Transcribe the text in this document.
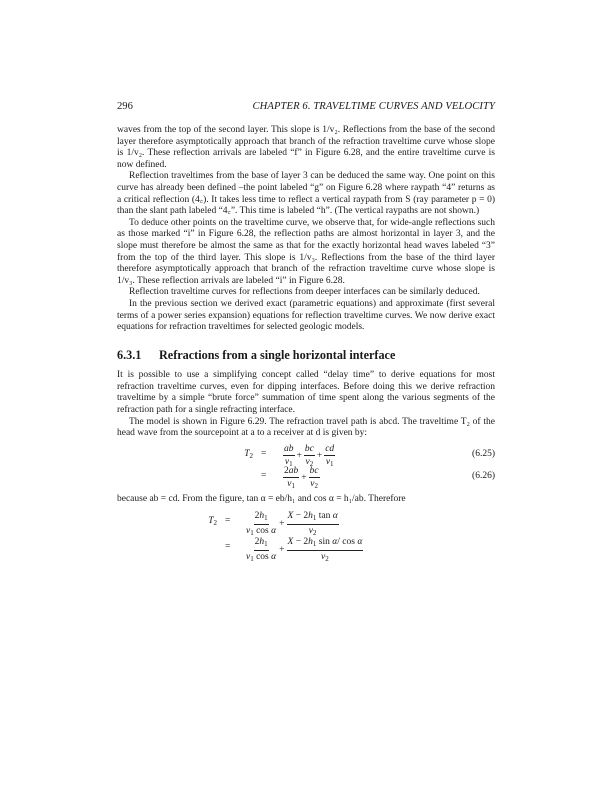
296	CHAPTER 6. TRAVELTIME CURVES AND VELOCITY

waves from the top of the second layer. This slope is 1/v₂. Reflections from the base of the second layer therefore asymptotically approach that branch of the refraction traveltime curve whose slope is 1/v₂. These reflection arrivals are labeled “f” in Figure 6.28, and the entire traveltime curve is now defined.

Reflection traveltimes from the base of layer 3 can be deduced the same way. One point on this curve has already been defined –the point labeled “g” on Figure 6.28 where raypath “4” returns as a critical reflection (4꜀). It takes less time to reflect a vertical raypath from S (ray parameter p = 0) than the slant path labeled “4꜀”. This time is labeled “h”. (The vertical raypaths are not shown.)

To deduce other points on the traveltime curve, we observe that, for wide-angle reflections such as those marked “i” in Figure 6.28, the reflection paths are almost horizontal in layer 3, and the slope must therefore be almost the same as that for the exactly horizontal head waves labeled “3” from the top of the third layer. This slope is 1/v₃. Reflections from the base of the third layer therefore asymptotically approach that branch of the refraction traveltime curve whose slope is 1/v₃. These reflection arrivals are labeled “i” in Figure 6.28.

Reflection traveltime curves for reflections from deeper interfaces can be similarly deduced.

In the previous section we derived exact (parametric equations) and approximate (first several terms of a power series expansion) equations for reflection traveltime curves. We now derive exact equations for refraction traveltimes for selected geologic models.

6.3.1 Refractions from a single horizontal interface

It is possible to use a simplifying concept called “delay time” to derive equations for most refraction traveltime curves, even for dipping interfaces. Before doing this we derive refraction traveltime by a simple “brute force” summation of time spent along the various segments of the refraction path for a single refracting interface.

The model is shown in Figure 6.29. The refraction travel path is abcd. The traveltime T₂ of the head wave from the sourcepoint at a to a receiver at d is given by:

$T_2 = \frac{ab}{v_1} + \frac{bc}{v_2} + \frac{cd}{v_1}$	(6.25)
= $\frac{2ab}{v_1} + \frac{bc}{v_2}$	(6.26)

because ab = cd. From the figure, tan α = eb/h₁ and cos α = h₁/ab. Therefore

$T_2 = \frac{2h_1}{v_1 \cos \alpha} + \frac{X - 2h_1 \tan \alpha}{v_2}$
= $\frac{2h_1}{v_1 \cos \alpha} + \frac{X - 2h_1 \sin \alpha/ \cos \alpha}{v_2}$
